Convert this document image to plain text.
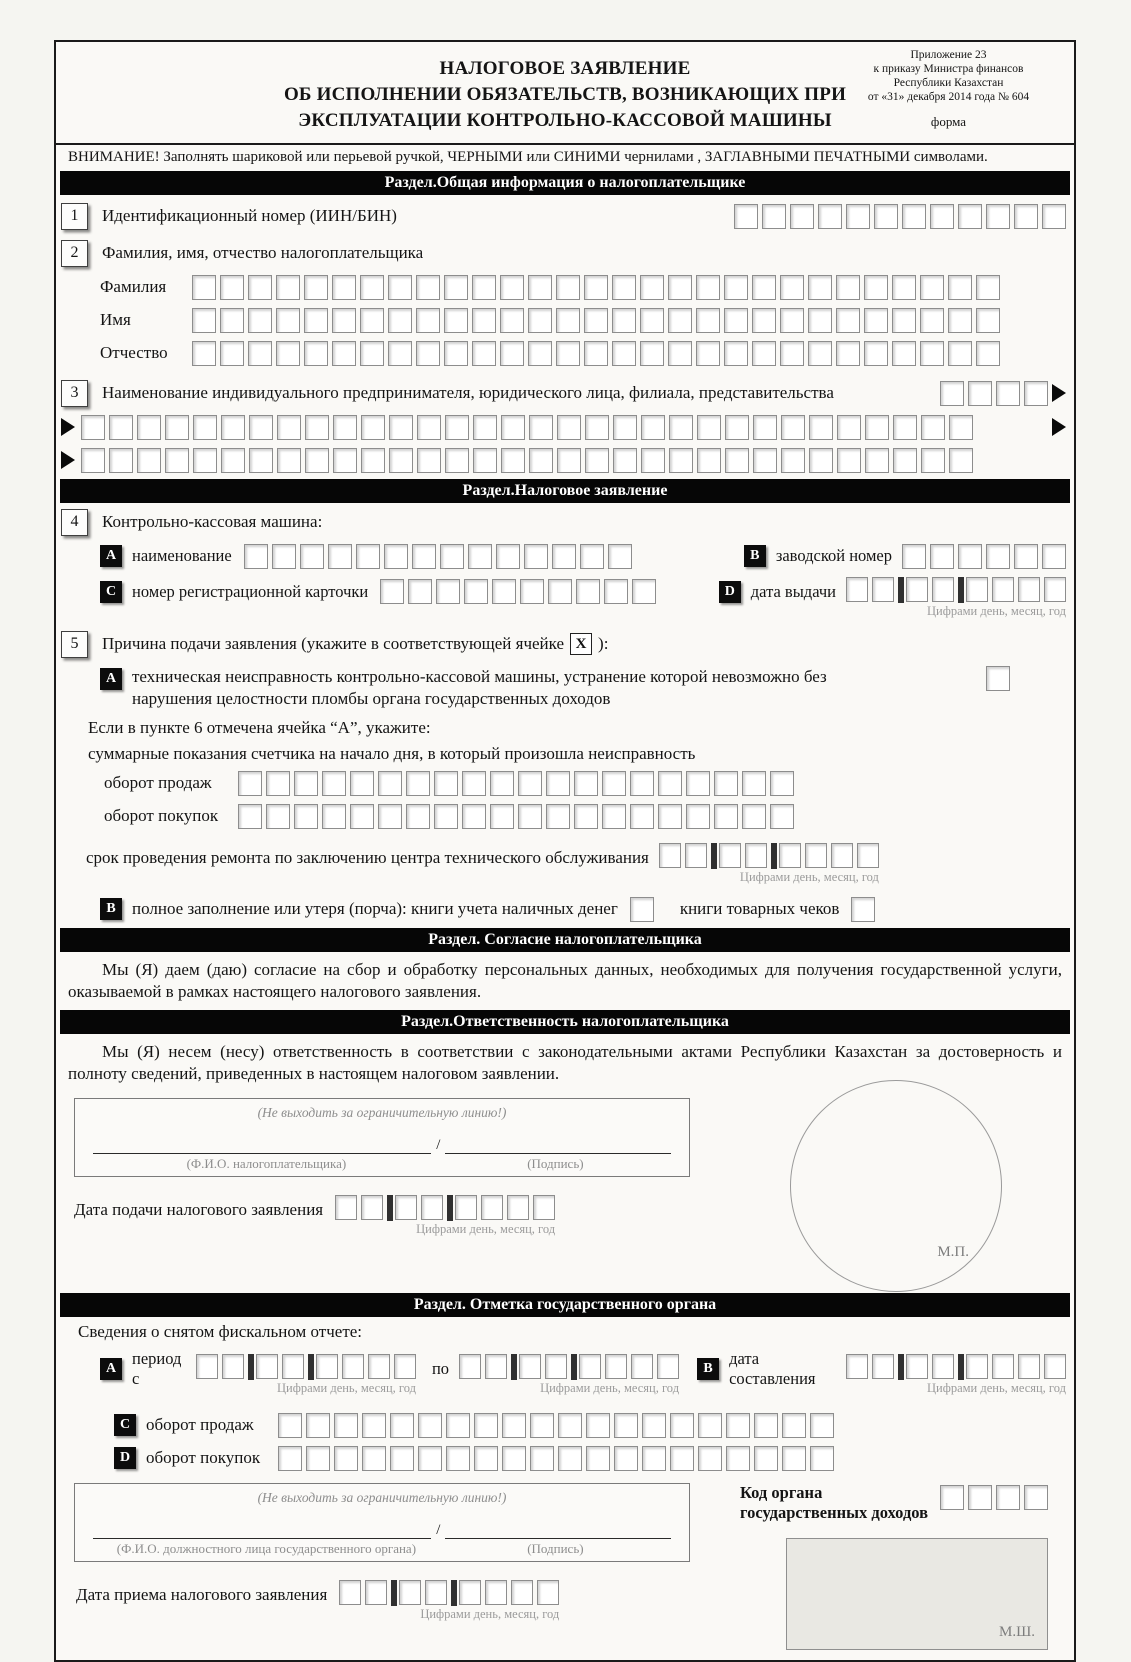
НАЛОГОВОЕ ЗАЯВЛЕНИЕ
ОБ ИСПОЛНЕНИИ ОБЯЗАТЕЛЬСТВ, ВОЗНИКАЮЩИХ ПРИ
ЭКСПЛУАТАЦИИ КОНТРОЛЬНО-КАССОВОЙ МАШИНЫ
Приложение 23
к приказу Министра финансов
Республики Казахстан
от «31» декабря 2014 года № 604
форма
ВНИМАНИЕ! Заполнять шариковой или перьевой ручкой, ЧЕРНЫМИ или СИНИМИ чернилами , ЗАГЛАВНЫМИ ПЕЧАТНЫМИ символами.
Раздел.Общая информация о налогоплательщике
1	Идентификационный номер (ИИН/БИН)
2	Фамилия, имя, отчество налогоплательщика
Фамилия
Имя
Отчество
3	Наименование индивидуального предпринимателя, юридического лица, филиала, представительства
Раздел.Налоговое заявление
4	Контрольно-кассовая машина:
A наименование	B заводской номер
C номер регистрационной карточки	D дата выдачи
Цифрами день, месяц, год
5	Причина подачи заявления (укажите в соответствующей ячейке X ):
A техническая неисправность контрольно-кассовой машины, устранение которой невозможно без нарушения целостности пломбы органа государственных доходов
Если в пункте 6 отмечена ячейка “А”, укажите:
суммарные показания счетчика на начало дня, в который произошла неисправность
оборот продаж
оборот покупок
срок проведения ремонта по заключению центра технического обслуживания
Цифрами день, месяц, год
B полное заполнение или утеря (порча): книги учета наличных денег	книги товарных чеков
Раздел. Согласие налогоплательщика
Мы (Я) даем (даю) согласие на сбор и обработку персональных данных, необходимых для получения государственной услуги, оказываемой в рамках настоящего налогового заявления.
Раздел.Ответственность налогоплательщика
Мы (Я) несем (несу) ответственность в соответствии с законодательными актами Республики Казахстан за достоверность и полноту сведений, приведенных в настоящем налоговом заявлении.
(Не выходить за ограничительную линию!)
/
(Ф.И.О. налогоплательщика)	(Подпись)
Дата подачи налогового заявления
Цифрами день, месяц, год
М.П.
Раздел. Отметка государственного органа
Сведения о снятом фискальном отчете:
A
период с	Цифрами день, месяц, год
по
Цифрами день, месяц, год
B
дата составления	Цифрами день, месяц, год
C оборот продаж
D оборот покупок
(Не выходить за ограничительную линию!)
/
(Ф.И.О. должностного лица государственного органа)	(Подпись)
Дата приема налогового заявления
Цифрами день, месяц, год
Код органа
государственных доходов
М.Ш.
